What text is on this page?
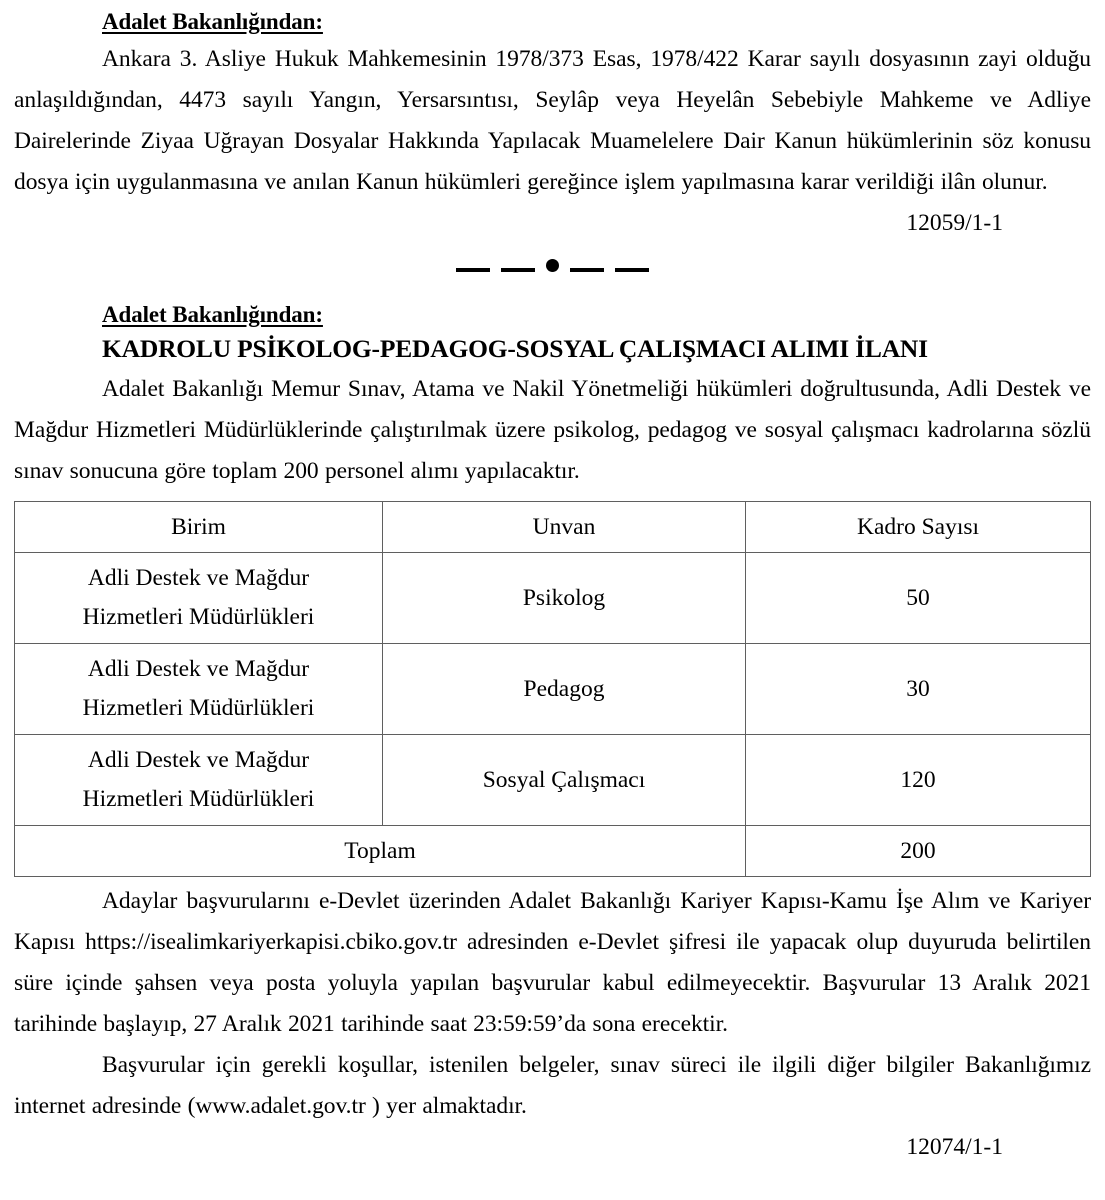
Adalet Bakanlığından:

Ankara 3. Asliye Hukuk Mahkemesinin 1978/373 Esas, 1978/422 Karar sayılı dosyasının zayi olduğu anlaşıldığından, 4473 sayılı Yangın, Yersarsıntısı, Seylâp veya Heyelân Sebebiyle Mahkeme ve Adliye Dairelerinde Ziyaa Uğrayan Dosyalar Hakkında Yapılacak Muamelelere Dair Kanun hükümlerinin söz konusu dosya için uygulanmasına ve anılan Kanun hükümleri gereğince işlem yapılmasına karar verildiği ilân olunur.

12059/1-1

Adalet Bakanlığından:
KADROLU PSİKOLOG-PEDAGOG-SOSYAL ÇALIŞMACI ALIMI İLANI

Adalet Bakanlığı Memur Sınav, Atama ve Nakil Yönetmeliği hükümleri doğrultusunda, Adli Destek ve Mağdur Hizmetleri Müdürlüklerinde çalıştırılmak üzere psikolog, pedagog ve sosyal çalışmacı kadrolarına sözlü sınav sonucuna göre toplam 200 personel alımı yapılacaktır.

Birim	Unvan	Kadro Sayısı

Adli Destek ve Mağdur
Hizmetleri Müdürlükleri	Psikolog	50

Adli Destek ve Mağdur
Hizmetleri Müdürlükleri	Pedagog	30

Adli Destek ve Mağdur
Hizmetleri Müdürlükleri	Sosyal Çalışmacı	120
Toplam		200

Adaylar başvurularını e-Devlet üzerinden Adalet Bakanlığı Kariyer Kapısı-Kamu İşe Alım ve Kariyer Kapısı https://isealimkariyerkapisi.cbiko.gov.tr adresinden e-Devlet şifresi ile yapacak olup duyuruda belirtilen süre içinde şahsen veya posta yoluyla yapılan başvurular kabul edilmeyecektir. Başvurular 13 Aralık 2021 tarihinde başlayıp, 27 Aralık 2021 tarihinde saat 23:59:59’da sona erecektir.

Başvurular için gerekli koşullar, istenilen belgeler, sınav süreci ile ilgili diğer bilgiler Bakanlığımız internet adresinde (www.adalet.gov.tr ) yer almaktadır.

12074/1-1
